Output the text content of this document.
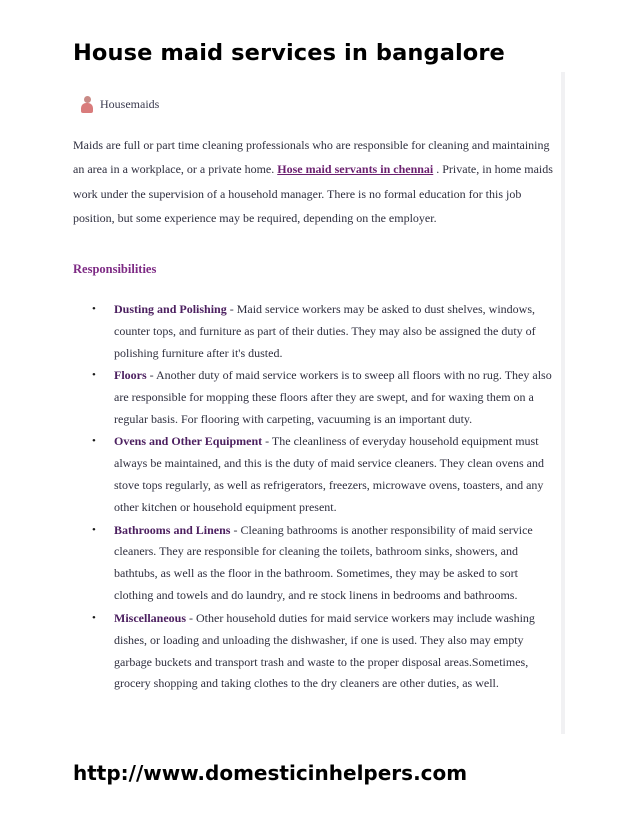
House maid services in bangalore
Housemaids

Maids are full or part time cleaning professionals who are responsible for cleaning and maintaining an area in a workplace, or a private home. Hose maid servants in chennai . Private, in home maids work under the supervision of a household manager. There is no formal education for this job position, but some experience may be required, depending on the employer.

Responsibilities
• Dusting and Polishing - Maid service workers may be asked to dust shelves, windows, counter tops, and furniture as part of their duties. They may also be assigned the duty of polishing furniture after it's dusted.
• Floors - Another duty of maid service workers is to sweep all floors with no rug. They also are responsible for mopping these floors after they are swept, and for waxing them on a regular basis. For flooring with carpeting, vacuuming is an important duty.
• Ovens and Other Equipment - The cleanliness of everyday household equipment must always be maintained, and this is the duty of maid service cleaners. They clean ovens and stove tops regularly, as well as refrigerators, freezers, microwave ovens, toasters, and any other kitchen or household equipment present.
• Bathrooms and Linens - Cleaning bathrooms is another responsibility of maid service cleaners. They are responsible for cleaning the toilets, bathroom sinks, showers, and bathtubs, as well as the floor in the bathroom. Sometimes, they may be asked to sort clothing and towels and do laundry, and re stock linens in bedrooms and bathrooms.
• Miscellaneous - Other household duties for maid service workers may include washing dishes, or loading and unloading the dishwasher, if one is used. They also may empty garbage buckets and transport trash and waste to the proper disposal areas.Sometimes, grocery shopping and taking clothes to the dry cleaners are other duties, as well.
http://www.domesticinhelpers.com
